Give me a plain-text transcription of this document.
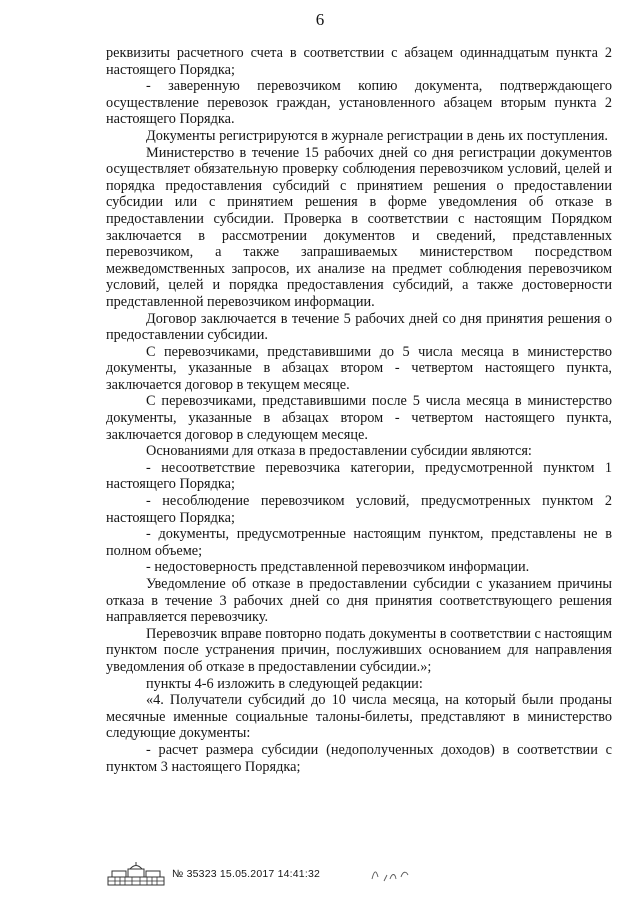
6

реквизиты расчетного счета в соответствии с абзацем одиннадцатым пункта 2 настоящего Порядка;

- заверенную перевозчиком копию документа, подтверждающего осуществление перевозок граждан, установленного абзацем вторым пункта 2 настоящего Порядка.

Документы регистрируются в журнале регистрации в день их поступления.

Министерство в течение 15 рабочих дней со дня регистрации документов осуществляет обязательную проверку соблюдения перевозчиком условий, целей и порядка предоставления субсидий с принятием решения о предоставлении субсидии или с принятием решения в форме уведомления об отказе в предоставлении субсидии. Проверка в соответствии с настоящим Порядком заключается в рассмотрении документов и сведений, представленных перевозчиком, а также запрашиваемых министерством посредством межведомственных запросов, их анализе на предмет соблюдения перевозчиком условий, целей и порядка предоставления субсидий, а также достоверности представленной перевозчиком информации.

Договор заключается в течение 5 рабочих дней со дня принятия решения о предоставлении субсидии.

С перевозчиками, представившими до 5 числа месяца в министерство документы, указанные в абзацах втором - четвертом настоящего пункта, заключается договор в текущем месяце.

С перевозчиками, представившими после 5 числа месяца в министерство документы, указанные в абзацах втором - четвертом настоящего пункта, заключается договор в следующем месяце.

Основаниями для отказа в предоставлении субсидии являются:

- несоответствие перевозчика категории, предусмотренной пунктом 1 настоящего Порядка;

- несоблюдение перевозчиком условий, предусмотренных пунктом 2 настоящего Порядка;

- документы, предусмотренные настоящим пунктом, представлены не в полном объеме;

- недостоверность представленной перевозчиком информации.

Уведомление об отказе в предоставлении субсидии с указанием причины отказа в течение 3 рабочих дней со дня принятия соответствующего решения направляется перевозчику.

Перевозчик вправе повторно подать документы в соответствии с настоящим пунктом после устранения причин, послуживших основанием для направления уведомления об отказе в предоставлении субсидии.»;

пункты 4-6 изложить в следующей редакции:

«4. Получатели субсидий до 10 числа месяца, на который были проданы месячные именные социальные талоны-билеты, представляют в министерство следующие документы:

- расчет размера субсидии (недополученных доходов) в соответствии с пунктом 3 настоящего Порядка;

№ 35323 15.05.2017 14:41:32
